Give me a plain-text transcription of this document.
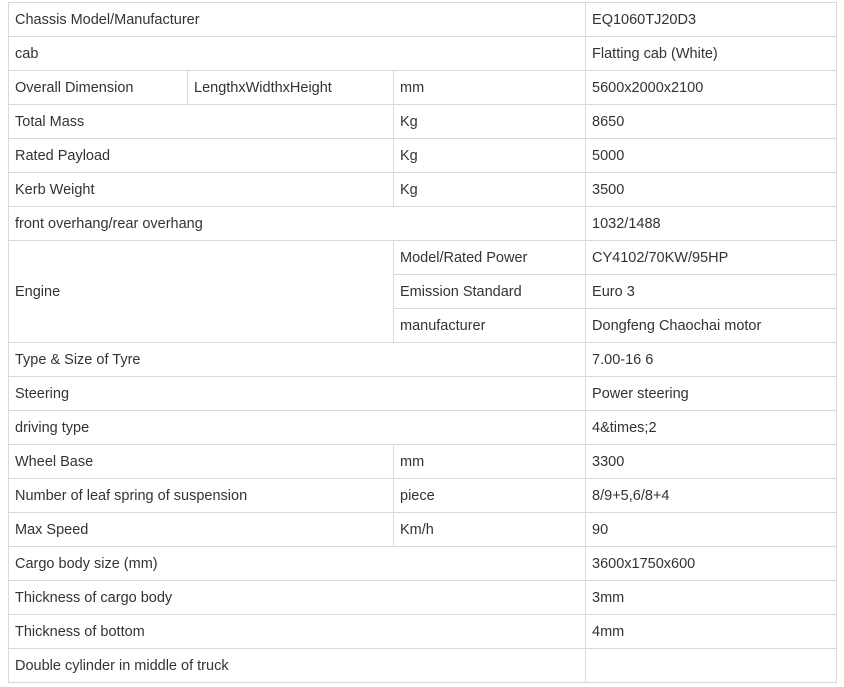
Chassis Model/Manufacturer			EQ1060TJ20D3
cab			Flatting cab (White)
Overall Dimension	LengthxWidthxHeight	mm	5600x2000x2100
Total Mass		Kg	8650
Rated Payload		Kg	5000
Kerb Weight		Kg	3500
front overhang/rear overhang			1032/1488
Engine		Model/Rated Power	CY4102/70KW/95HP
		Emission Standard	Euro 3
		manufacturer	Dongfeng Chaochai motor
Type & Size of Tyre			7.00-16 6
Steering			Power steering
driving type			4&times;2
Wheel Base		mm	3300
Number of leaf spring of suspension		piece	8/9+5,6/8+4
Max Speed		Km/h	90
Cargo body size (mm)			3600x1750x600
Thickness of cargo body			3mm
Thickness of bottom			4mm
Double cylinder in middle of truck			
